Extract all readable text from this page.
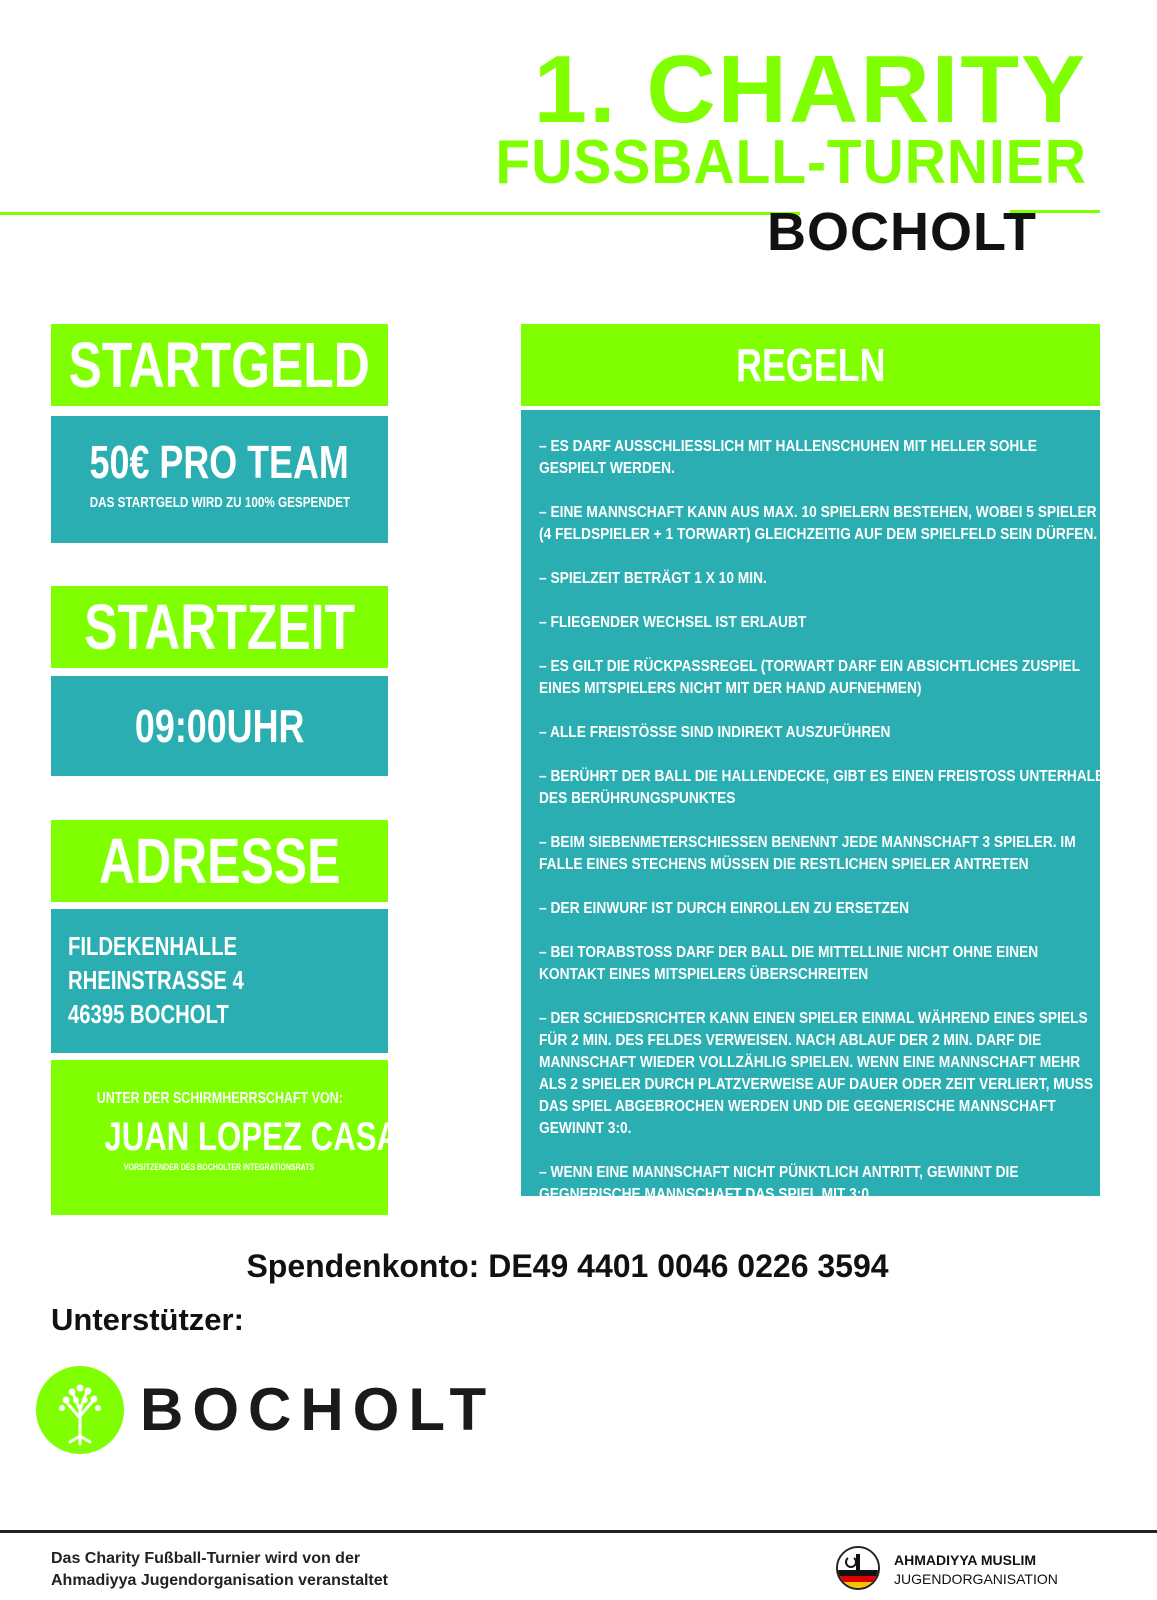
1. CHARITY
FUSSBALL-TURNIER
BOCHOLT
STARTGELD
50€ PRO TEAM
DAS STARTGELD WIRD ZU 100% GESPENDET
STARTZEIT
09:00UHR
ADRESSE
FILDEKENHALLE
RHEINSTRASSE 4
46395 BOCHOLT
UNTER DER SCHIRMHERRSCHAFT VON:
JUAN LOPEZ CASANAVA
VORSITZENDER DES BOCHOLTER INTEGRATIONSRATS
REGELN
– ES DARF AUSSCHLIESSLICH MIT HALLENSCHUHEN MIT HELLER SOHLE GESPIELT WERDEN.
– EINE MANNSCHAFT KANN AUS MAX. 10 SPIELERN BESTEHEN, WOBEI 5 SPIELER (4 FELDSPIELER + 1 TORWART) GLEICHZEITIG AUF DEM SPIELFELD SEIN DÜRFEN.
– SPIELZEIT BETRÄGT 1 X 10 MIN.
– FLIEGENDER WECHSEL IST ERLAUBT
– ES GILT DIE RÜCKPASSREGEL (TORWART DARF EIN ABSICHTLICHES ZUSPIEL EINES MITSPIELERS NICHT MIT DER HAND AUFNEHMEN)
– ALLE FREISTÖSSE SIND INDIREKT AUSZUFÜHREN
– BERÜHRT DER BALL DIE HALLENDECKE, GIBT ES EINEN FREISTOSS UNTERHALB DES BERÜHRUNGSPUNKTES
– BEIM SIEBENMETERSCHIESSEN BENENNT JEDE MANNSCHAFT 3 SPIELER. IM FALLE EINES STECHENS MÜSSEN DIE RESTLICHEN SPIELER ANTRETEN
– DER EINWURF IST DURCH EINROLLEN ZU ERSETZEN
– BEI TORABSTOSS DARF DER BALL DIE MITTELLINIE NICHT OHNE EINEN KONTAKT EINES MITSPIELERS ÜBERSCHREITEN
– DER SCHIEDSRICHTER KANN EINEN SPIELER EINMAL WÄHREND EINES SPIELS FÜR 2 MIN. DES FELDES VERWEISEN. NACH ABLAUF DER 2 MIN. DARF DIE MANNSCHAFT WIEDER VOLLZÄHLIG SPIELEN. WENN EINE MANNSCHAFT MEHR ALS 2 SPIELER DURCH PLATZVERWEISE AUF DAUER ODER ZEIT VERLIERT, MUSS DAS SPIEL ABGEBROCHEN WERDEN UND DIE GEGNERISCHE MANNSCHAFT GEWINNT 3:0.
– WENN EINE MANNSCHAFT NICHT PÜNKTLICH ANTRITT, GEWINNT DIE GEGNERISCHE MANNSCHAFT DAS SPIEL MIT 3:0.
Spendenkonto: DE49 4401 0046 0226 3594
Unterstützer:
BOCHOLT
Das Charity Fußball-Turnier wird von der
Ahmadiyya Jugendorganisation veranstaltet
AHMADIYYA MUSLIM
JUGENDORGANISATION
